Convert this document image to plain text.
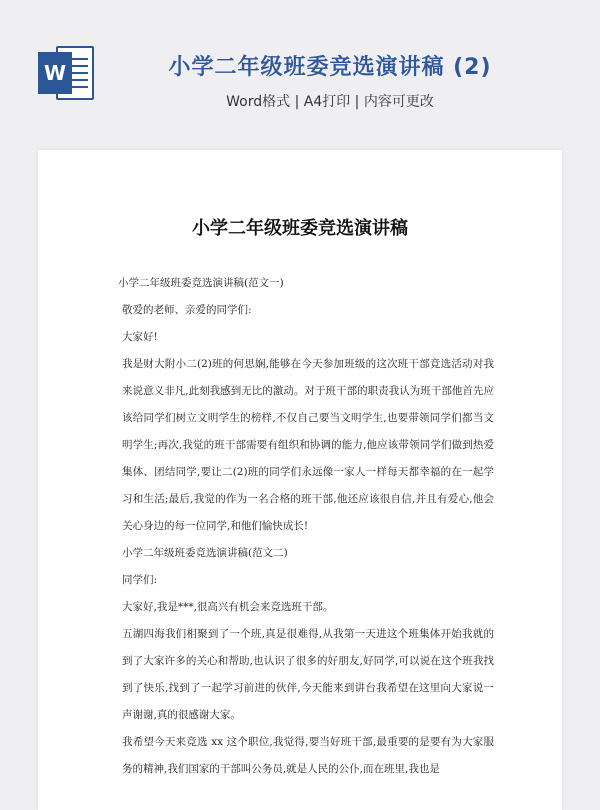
W	小学二年级班委竞选演讲稿 (2)
Word格式 | A4打印 | 内容可更改
小学二年级班委竞选演讲稿

小学二年级班委竞选演讲稿(范文一)

敬爱的老师、亲爱的同学们:

大家好!

我是财大附小二(2)班的何思娴,能够在今天参加班级的这次班干部竞选活动对我来说意义非凡,此刻我感到无比的激动。对于班干部的职责我认为班干部他首先应该给同学们树立文明学生的榜样,不仅自己要当文明学生,也要带领同学们都当文明学生;再次,我觉的班干部需要有组织和协调的能力,他应该带领同学们做到热爱集体、团结同学,要让二(2)班的同学们永远像一家人一样每天都幸福的在一起学习和生活;最后,我觉的作为一名合格的班干部,他还应该很自信,并且有爱心,他会关心身边的每一位同学,和他们愉快成长!

小学二年级班委竞选演讲稿(范文二)

同学们:

大家好,我是***,很高兴有机会来竞选班干部。

五湖四海我们相聚到了一个班,真是很难得,从我第一天进这个班集体开始我就的到了大家许多的关心和帮助,也认识了很多的好朋友,好同学,可以说在这个班我找到了快乐,找到了一起学习前进的伙伴,今天能来到讲台我希望在这里向大家说一声谢谢,真的很感谢大家。

我希望今天来竞选 xx 这个职位,我觉得,要当好班干部,最重要的是要有为大家服务的精神,我们国家的干部叫公务员,就是人民的公仆,而在班里,我也是
